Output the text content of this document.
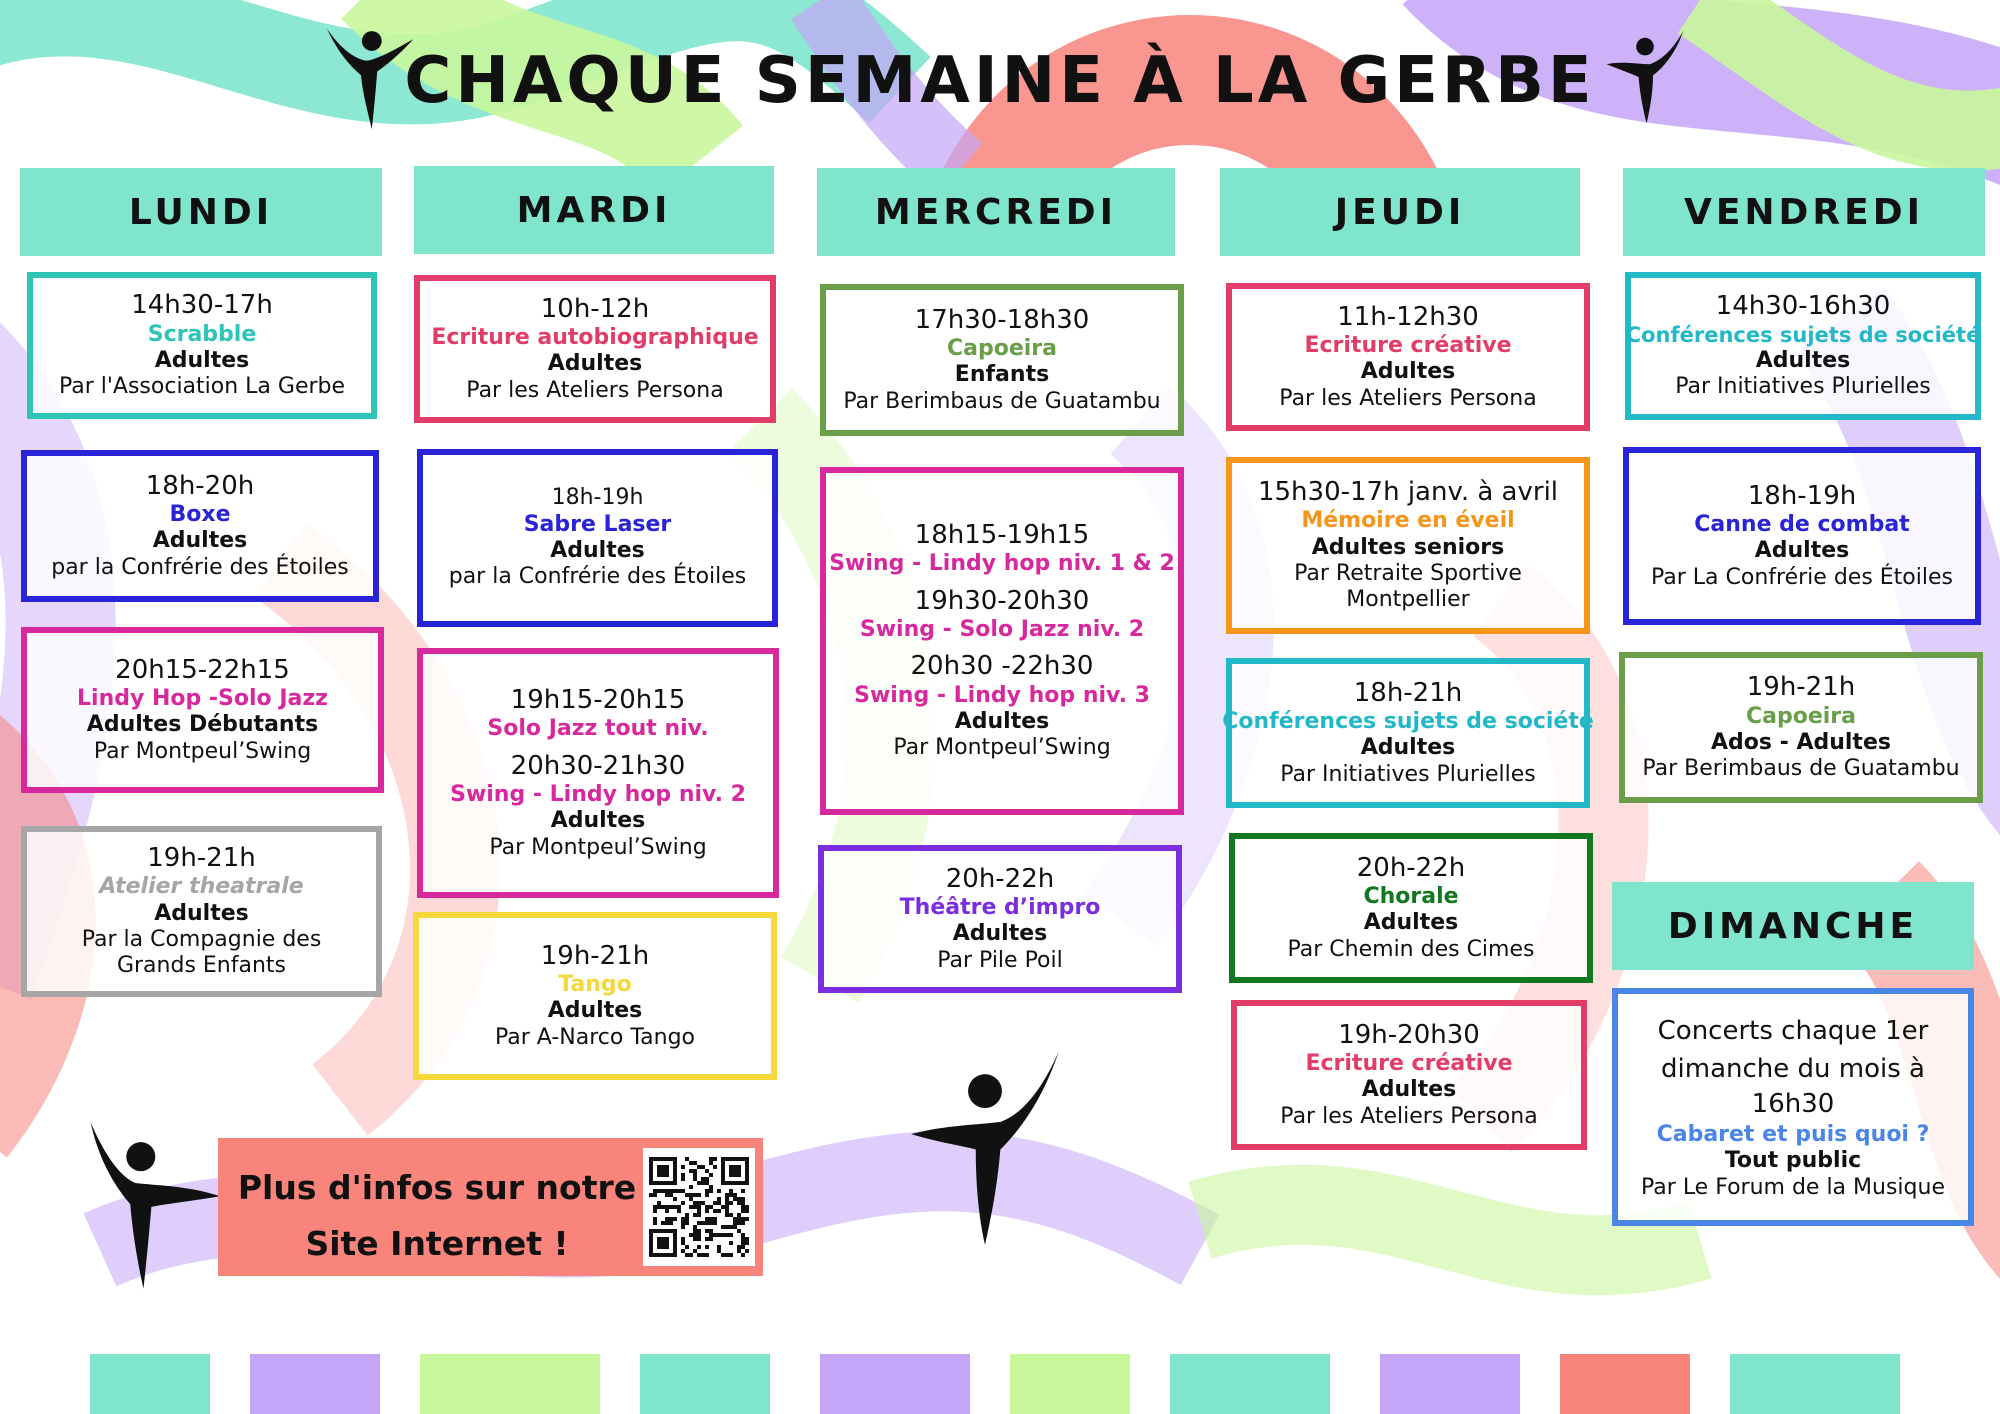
CHAQUE SEMAINE À LA GERBE
LUNDI	MARDI	MERCREDI	JEUDI	VENDREDI
DIMANCHE
14h30-17h
Scrabble
Adultes
Par l'Association La Gerbe
18h-20h
Boxe
Adultes
par la Confrérie des Étoiles
20h15-22h15
Lindy Hop -Solo Jazz
Adultes Débutants
Par Montpeul’Swing
19h-21h
Atelier theatrale
Adultes
Par la Compagnie des
Grands Enfants
10h-12h
Ecriture autobiographique
Adultes
Par les Ateliers Persona
18h-19h
Sabre Laser
Adultes
par la Confrérie des Étoiles
19h15-20h15
Solo Jazz tout niv.
20h30-21h30
Swing - Lindy hop niv. 2
Adultes
Par Montpeul’Swing
19h-21h
Tango
Adultes
Par A-Narco Tango
17h30-18h30
Capoeira
Enfants
Par Berimbaus de Guatambu
18h15-19h15
Swing - Lindy hop niv. 1 & 2
19h30-20h30
Swing - Solo Jazz niv. 2
20h30 -22h30
Swing - Lindy hop niv. 3
Adultes
Par Montpeul’Swing
20h-22h
Théâtre d’impro
Adultes
Par Pile Poil
11h-12h30
Ecriture créative
Adultes
Par les Ateliers Persona
15h30-17h janv. à avril
Mémoire en éveil
Adultes seniors
Par Retraite Sportive
Montpellier
18h-21h
Conférences sujets de société
Adultes
Par Initiatives Plurielles
20h-22h
Chorale
Adultes
Par Chemin des Cimes
19h-20h30
Ecriture créative
Adultes
Par les Ateliers Persona
14h30-16h30
Conférences sujets de société
Adultes
Par Initiatives Plurielles
18h-19h
Canne de combat
Adultes
Par La Confrérie des Étoiles
19h-21h
Capoeira
Ados - Adultes
Par Berimbaus de Guatambu
Concerts chaque 1er
dimanche du mois à
16h30
Cabaret et puis quoi ?
Tout public
Par Le Forum de la Musique
Plus d'infos sur notre
Site Internet !
